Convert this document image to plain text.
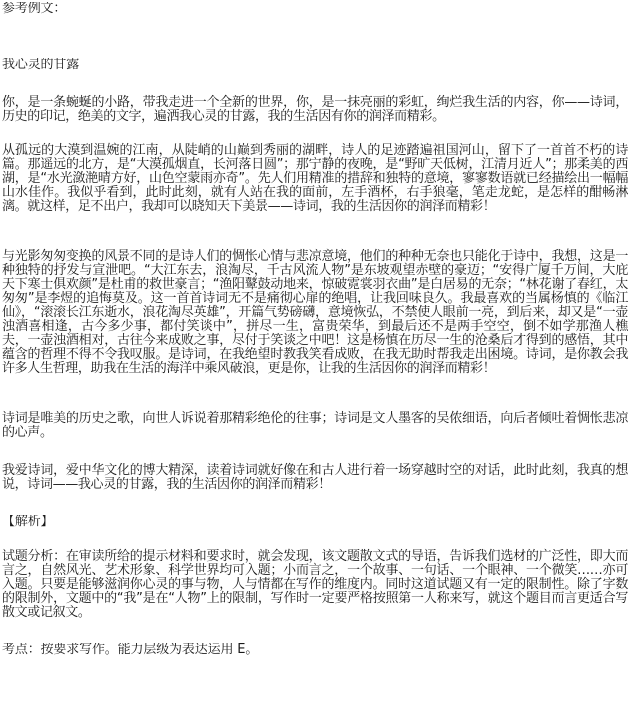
参考例文：
我心灵的甘露
你，是一条蜿蜒的小路，带我走进一个全新的世界，你，是一抹亮丽的彩虹，绚烂我生活的内容，你——诗词，历史的印记，绝美的文字，遍洒我心灵的甘露，我的生活因有你的润泽而精彩。
从孤远的大漠到温婉的江南，从陡峭的山巅到秀丽的湖畔，诗人的足迹踏遍祖国河山，留下了一首首不朽的诗篇。那遥远的北方，是“大漠孤烟直，长河落日圆”；那宁静的夜晚，是“野旷天低树，江清月近人”；那柔美的西湖，是“水光潋滟晴方好，山色空蒙雨亦奇”。先人们用精准的措辞和独特的意境，寥寥数语就已经描绘出一幅幅山水佳作。我似乎看到，此时此刻，就有人站在我的面前，左手酒杯，右手狼毫，笔走龙蛇，是怎样的酣畅淋漓。就这样，足不出户，我却可以晓知天下美景——诗词，我的生活因你的润泽而精彩！
与光影匆匆变换的风景不同的是诗人们的惆怅心情与悲凉意境，他们的种种无奈也只能化于诗中，我想，这是一种独特的抒发与宣泄吧。“大江东去，浪淘尽，千古风流人物”是东坡观望赤壁的豪迈；“安得广厦千万间，大庇天下寒士俱欢颜”是杜甫的救世豪言；“渔阳鼙鼓动地来，惊破霓裳羽衣曲”是白居易的无奈；“林花谢了春红，太匆匆”是李煜的追悔莫及。这一首首诗词无不是痛彻心扉的绝唱，让我回味良久。我最喜欢的当属杨慎的《临江仙》，“滚滚长江东逝水，浪花淘尽英雄”，开篇气势磅礴，意境恢弘，不禁使人眼前一亮，到后来，却又是“一壶浊酒喜相逢，古今多少事，都付笑谈中”，拼尽一生，富贵荣华，到最后还不是两手空空，倒不如学那渔人樵夫，一壶浊酒相对，古往今来成败之事，尽付于笑谈之中吧！这是杨慎在历尽一生的沧桑后才得到的感悟，其中蕴含的哲理不得不令我叹服。是诗词，在我绝望时教我笑看成败，在我无助时帮我走出困境。诗词，是你教会我许多人生哲理，助我在生活的海洋中乘风破浪，更是你，让我的生活因你的润泽而精彩！
诗词是唯美的历史之歌，向世人诉说着那精彩绝伦的往事；诗词是文人墨客的吴侬细语，向后者倾吐着惆怅悲凉的心声。
我爱诗词，爱中华文化的博大精深，读着诗词就好像在和古人进行着一场穿越时空的对话，此时此刻，我真的想说，诗词——我心灵的甘露，我的生活因你的润泽而精彩！
【解析】
试题分析：在审读所给的提示材料和要求时，就会发现，该文题散文式的导语，告诉我们选材的广泛性，即大而言之，自然风光、艺术形象、科学世界均可入题；小而言之，一个故事、一句话、一个眼神、一个微笑……亦可入题。只要是能够滋润你心灵的事与物，人与情都在写作的维度内。同时这道试题又有一定的限制性。除了字数的限制外，文题中的“我”是在“人物”上的限制，写作时一定要严格按照第一人称来写，就这个题目而言更适合写散文或记叙文。
考点：按要求写作。能力层级为表达运用 E。
